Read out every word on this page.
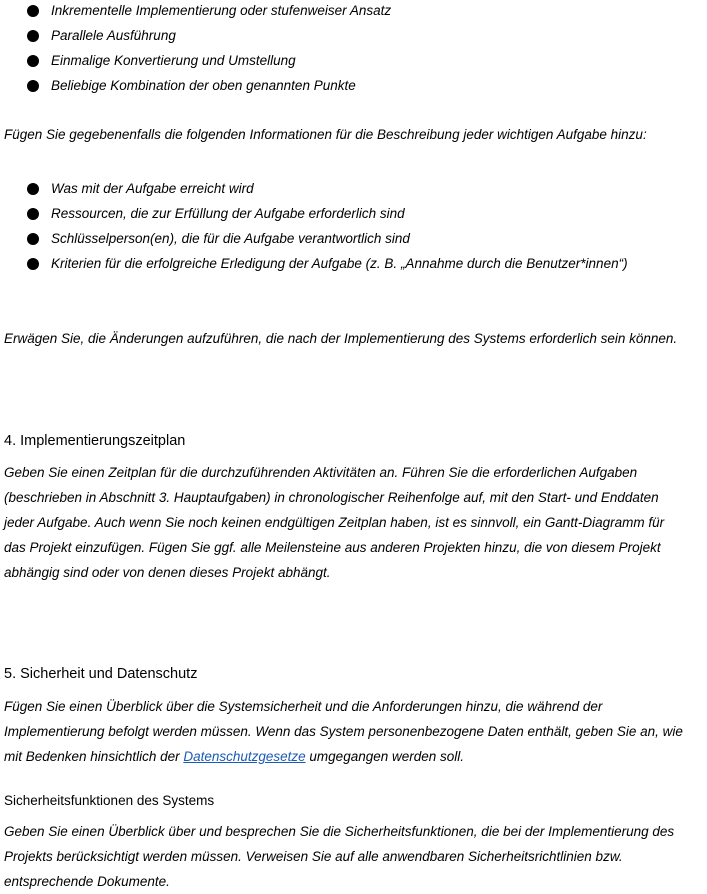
Inkrementelle Implementierung oder stufenweiser Ansatz
Parallele Ausführung
Einmalige Konvertierung und Umstellung
Beliebige Kombination der oben genannten Punkte

Fügen Sie gegebenenfalls die folgenden Informationen für die Beschreibung jeder wichtigen Aufgabe hinzu:

Was mit der Aufgabe erreicht wird
Ressourcen, die zur Erfüllung der Aufgabe erforderlich sind
Schlüsselperson(en), die für die Aufgabe verantwortlich sind
Kriterien für die erfolgreiche Erledigung der Aufgabe (z. B. „Annahme durch die Benutzer*innen“)

Erwägen Sie, die Änderungen aufzuführen, die nach der Implementierung des Systems erforderlich sein können.

4. Implementierungszeitplan
Geben Sie einen Zeitplan für die durchzuführenden Aktivitäten an. Führen Sie die erforderlichen Aufgaben
(beschrieben in Abschnitt 3. Hauptaufgaben) in chronologischer Reihenfolge auf, mit den Start- und Enddaten
jeder Aufgabe. Auch wenn Sie noch keinen endgültigen Zeitplan haben, ist es sinnvoll, ein Gantt-Diagramm für
das Projekt einzufügen. Fügen Sie ggf. alle Meilensteine aus anderen Projekten hinzu, die von diesem Projekt
abhängig sind oder von denen dieses Projekt abhängt.
5. Sicherheit und Datenschutz
Fügen Sie einen Überblick über die Systemsicherheit und die Anforderungen hinzu, die während der
Implementierung befolgt werden müssen. Wenn das System personenbezogene Daten enthält, geben Sie an, wie
mit Bedenken hinsichtlich der Datenschutzgesetze umgegangen werden soll.
Sicherheitsfunktionen des Systems
Geben Sie einen Überblick über und besprechen Sie die Sicherheitsfunktionen, die bei der Implementierung des
Projekts berücksichtigt werden müssen. Verweisen Sie auf alle anwendbaren Sicherheitsrichtlinien bzw.
entsprechende Dokumente.
